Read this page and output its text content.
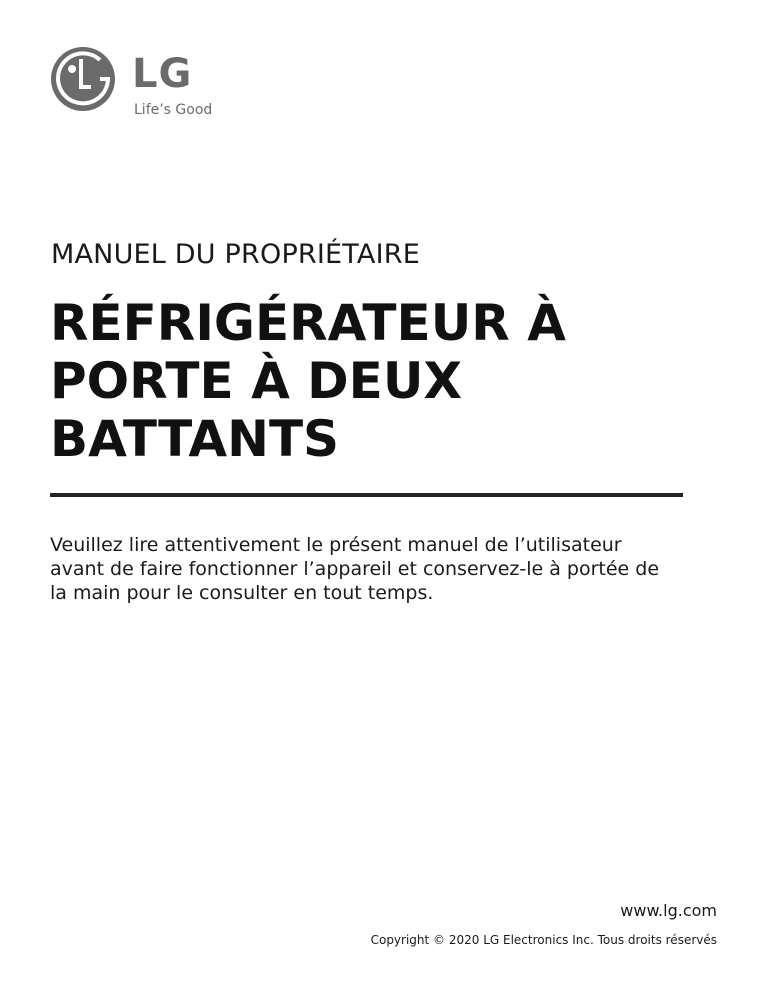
LG
Life’s Good
MANUEL DU PROPRIÉTAIRE
RÉFRIGÉRATEUR À
PORTE À DEUX
BATTANTS
Veuillez lire attentivement le présent manuel de l’utilisateur
avant de faire fonctionner l’appareil et conservez-le à portée de
la main pour le consulter en tout temps.
www.lg.com
Copyright © 2020 LG Electronics Inc. Tous droits réservés
